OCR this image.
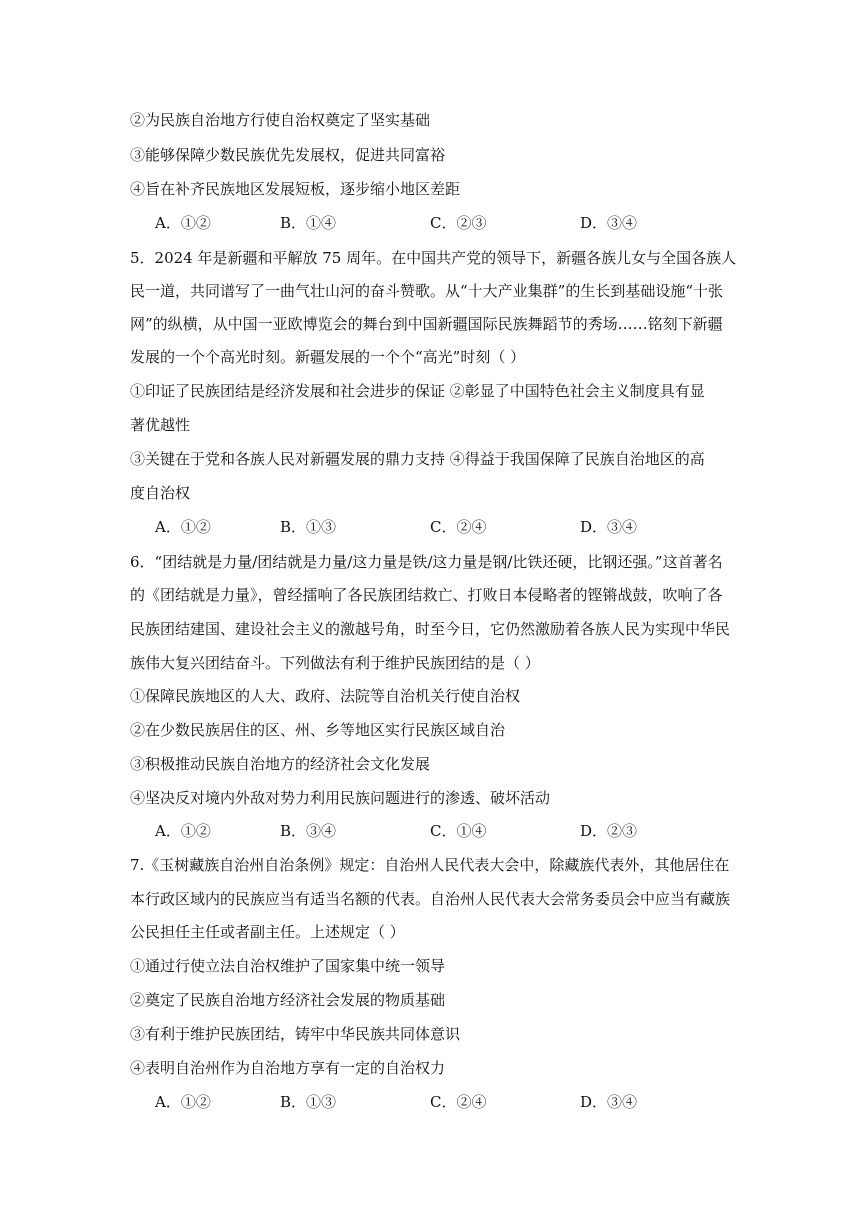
②为民族自治地方行使自治权奠定了坚实基础
③能够保障少数民族优先发展权，促进共同富裕
④旨在补齐民族地区发展短板，逐步缩小地区差距
A．①②	B．①④	C．②③	D．③④
5．2024 年是新疆和平解放 75 周年。在中国共产党的领导下，新疆各族儿女与全国各族人
民一道，共同谱写了一曲气壮山河的奋斗赞歌。从“十大产业集群”的生长到基础设施“十张
网”的纵横，从中国一亚欧博览会的舞台到中国新疆国际民族舞蹈节的秀场……铭刻下新疆
发展的一个个高光时刻。新疆发展的一个个“高光”时刻（ ）
①印证了民族团结是经济发展和社会进步的保证 ②彰显了中国特色社会主义制度具有显
著优越性
③关键在于党和各族人民对新疆发展的鼎力支持 ④得益于我国保障了民族自治地区的高
度自治权
A．①②	B．①③	C．②④	D．③④
6．“团结就是力量/团结就是力量/这力量是铁/这力量是钢/比铁还硬，比钢还强。”这首著名
的《团结就是力量》，曾经擂响了各民族团结救亡、打败日本侵略者的铿锵战鼓，吹响了各
民族团结建国、建设社会主义的激越号角，时至今日，它仍然激励着各族人民为实现中华民
族伟大复兴团结奋斗。下列做法有利于维护民族团结的是（ ）
①保障民族地区的人大、政府、法院等自治机关行使自治权
②在少数民族居住的区、州、乡等地区实行民族区域自治
③积极推动民族自治地方的经济社会文化发展
④坚决反对境内外敌对势力利用民族问题进行的渗透、破坏活动
A．①②	B．③④	C．①④	D．②③
7.《玉树藏族自治州自治条例》规定：自治州人民代表大会中，除藏族代表外，其他居住在
本行政区域内的民族应当有适当名额的代表。自治州人民代表大会常务委员会中应当有藏族
公民担任主任或者副主任。上述规定（ ）
①通过行使立法自治权维护了国家集中统一领导
②奠定了民族自治地方经济社会发展的物质基础
③有利于维护民族团结，铸牢中华民族共同体意识
④表明自治州作为自治地方享有一定的自治权力
A．①②	B．①③	C．②④	D．③④
